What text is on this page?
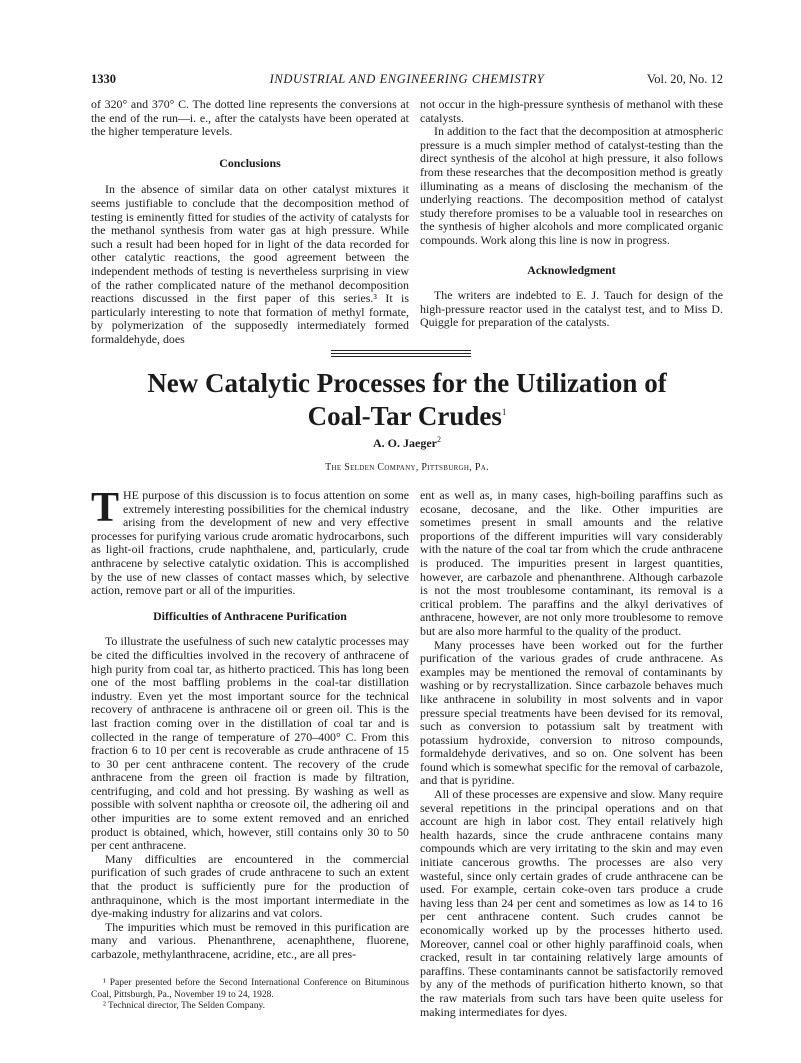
1330	INDUSTRIAL AND ENGINEERING CHEMISTRY	Vol. 20, No. 12

of 320° and 370° C. The dotted line represents the conversions at the end of the run—i. e., after the catalysts have been operated at the higher temperature levels.

Conclusions

In the absence of similar data on other catalyst mixtures it seems justifiable to conclude that the decomposition method of testing is eminently fitted for studies of the activity of catalysts for the methanol synthesis from water gas at high pressure. While such a result had been hoped for in light of the data recorded for other catalytic reactions, the good agreement between the independent methods of testing is nevertheless surprising in view of the rather complicated nature of the methanol decomposition reactions discussed in the first paper of this series.³ It is particularly interesting to note that formation of methyl formate, by polymerization of the supposedly intermediately formed formaldehyde, does

not occur in the high-pressure synthesis of methanol with these catalysts.

In addition to the fact that the decomposition at atmospheric pressure is a much simpler method of catalyst-testing than the direct synthesis of the alcohol at high pressure, it also follows from these researches that the decomposition method is greatly illuminating as a means of disclosing the mechanism of the underlying reactions. The decomposition method of catalyst study therefore promises to be a valuable tool in researches on the synthesis of higher alcohols and more complicated organic compounds. Work along this line is now in progress.

Acknowledgment

The writers are indebted to E. J. Tauch for design of the high-pressure reactor used in the catalyst test, and to Miss D. Quiggle for preparation of the catalysts.

New Catalytic Processes for the Utilization of
Coal-Tar Crudes$^1$
A. O. Jaeger$^2$
The Selden Company, Pittsburgh, Pa.

THE purpose of this discussion is to focus attention on some extremely interesting possibilities for the chemical industry arising from the development of new and very effective processes for purifying various crude aromatic hydrocarbons, such as light-oil fractions, crude naphthalene, and, particularly, crude anthracene by selective catalytic oxidation. This is accomplished by the use of new classes of contact masses which, by selective action, remove part or all of the impurities.

Difficulties of Anthracene Purification

To illustrate the usefulness of such new catalytic processes may be cited the difficulties involved in the recovery of anthracene of high purity from coal tar, as hitherto practiced. This has long been one of the most baffling problems in the coal-tar distillation industry. Even yet the most important source for the technical recovery of anthracene is anthracene oil or green oil. This is the last fraction coming over in the distillation of coal tar and is collected in the range of temperature of 270–400° C. From this fraction 6 to 10 per cent is recoverable as crude anthracene of 15 to 30 per cent anthracene content. The recovery of the crude anthracene from the green oil fraction is made by filtration, centrifuging, and cold and hot pressing. By washing as well as possible with solvent naphtha or creosote oil, the adhering oil and other impurities are to some extent removed and an enriched product is obtained, which, however, still contains only 30 to 50 per cent anthracene.

Many difficulties are encountered in the commercial purification of such grades of crude anthracene to such an extent that the product is sufficiently pure for the production of anthraquinone, which is the most important intermediate in the dye-making industry for alizarins and vat colors.

The impurities which must be removed in this purification are many and various. Phenanthrene, acenaphthene, fluorene, carbazole, methylanthracene, acridine, etc., are all pres-

¹ Paper presented before the Second International Conference on Bituminous Coal, Pittsburgh, Pa., November 19 to 24, 1928.

² Technical director, The Selden Company.

ent as well as, in many cases, high-boiling paraffins such as ecosane, decosane, and the like. Other impurities are sometimes present in small amounts and the relative proportions of the different impurities will vary considerably with the nature of the coal tar from which the crude anthracene is produced. The impurities present in largest quantities, however, are carbazole and phenanthrene. Although carbazole is not the most troublesome contaminant, its removal is a critical problem. The paraffins and the alkyl derivatives of anthracene, however, are not only more troublesome to remove but are also more harmful to the quality of the product.

Many processes have been worked out for the further purification of the various grades of crude anthracene. As examples may be mentioned the removal of contaminants by washing or by recrystallization. Since carbazole behaves much like anthracene in solubility in most solvents and in vapor pressure special treatments have been devised for its removal, such as conversion to potassium salt by treatment with potassium hydroxide, conversion to nitroso compounds, formaldehyde derivatives, and so on. One solvent has been found which is somewhat specific for the removal of carbazole, and that is pyridine.

All of these processes are expensive and slow. Many require several repetitions in the principal operations and on that account are high in labor cost. They entail relatively high health hazards, since the crude anthracene contains many compounds which are very irritating to the skin and may even initiate cancerous growths. The processes are also very wasteful, since only certain grades of crude anthracene can be used. For example, certain coke-oven tars produce a crude having less than 24 per cent and sometimes as low as 14 to 16 per cent anthracene content. Such crudes cannot be economically worked up by the processes hitherto used. Moreover, cannel coal or other highly paraffinoid coals, when cracked, result in tar containing relatively large amounts of paraffins. These contaminants cannot be satisfactorily removed by any of the methods of purification hitherto known, so that the raw materials from such tars have been quite useless for making intermediates for dyes.
